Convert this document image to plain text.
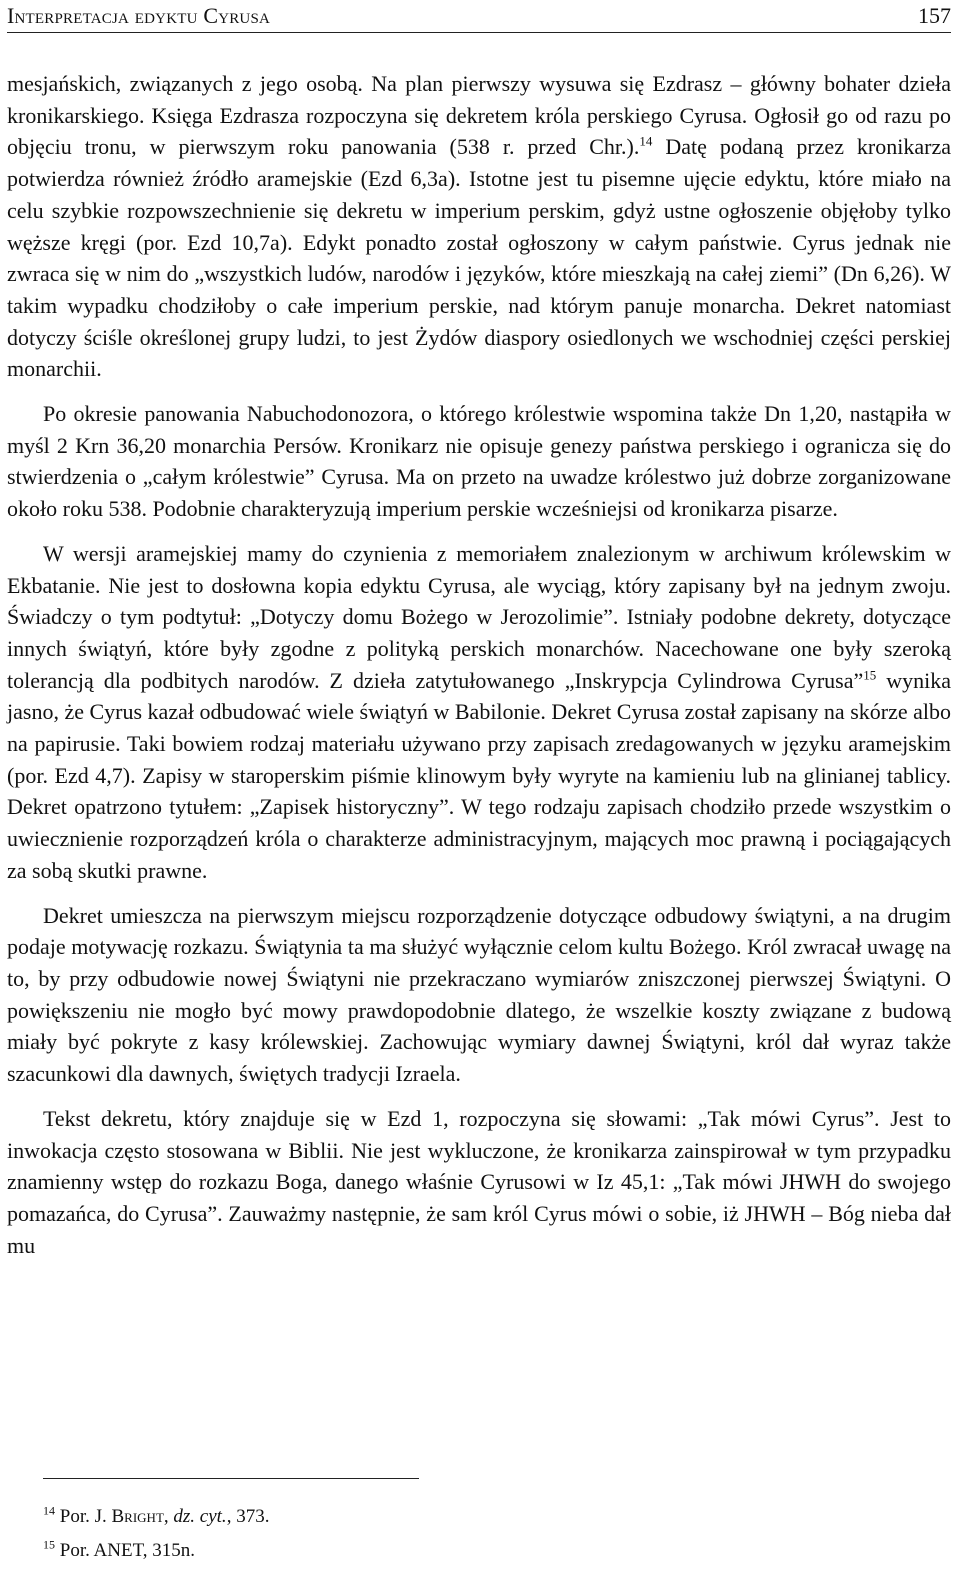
Interpretacja edyktu Cyrusa	157

mesjańskich, związanych z jego osobą. Na plan pierwszy wysuwa się Ezdrasz – główny bohater dzieła kronikarskiego. Księga Ezdrasza rozpoczyna się dekretem króla perskiego Cyrusa. Ogłosił go od razu po objęciu tronu, w pierwszym roku panowania (538 r. przed Chr.).$^{14}$ Datę podaną przez kronikarza potwierdza również źródło aramejskie (Ezd 6,3a). Istotne jest tu pisemne ujęcie edyktu, które miało na celu szybkie rozpowszechnienie się dekretu w imperium perskim, gdyż ustne ogłoszenie objęłoby tylko węższe kręgi (por. Ezd 10,7a). Edykt ponadto został ogłoszony w całym państwie. Cyrus jednak nie zwraca się w nim do „wszystkich ludów, narodów i języków, które mieszkają na całej ziemi” (Dn 6,26). W takim wypadku chodziłoby o całe imperium perskie, nad którym panuje monarcha. Dekret natomiast dotyczy ściśle określonej grupy ludzi, to jest Żydów diaspory osiedlonych we wschodniej części perskiej monarchii.

Po okresie panowania Nabuchodonozora, o którego królestwie wspomina także Dn 1,20, nastąpiła w myśl 2 Krn 36,20 monarchia Persów. Kronikarz nie opisuje genezy państwa perskiego i ogranicza się do stwierdzenia o „całym królestwie” Cyrusa. Ma on przeto na uwadze królestwo już dobrze zorganizowane około roku 538. Podobnie charakteryzują imperium perskie wcześniejsi od kronikarza pisarze.

W wersji aramejskiej mamy do czynienia z memoriałem znalezionym w archiwum królewskim w Ekbatanie. Nie jest to dosłowna kopia edyktu Cyrusa, ale wyciąg, który zapisany był na jednym zwoju. Świadczy o tym podtytuł: „Dotyczy domu Bożego w Jerozolimie”. Istniały podobne dekrety, dotyczące innych świątyń, które były zgodne z polityką perskich monarchów. Nacechowane one były szeroką tolerancją dla podbitych narodów. Z dzieła zatytułowanego „Inskrypcja Cylindrowa Cyrusa”$^{15}$ wynika jasno, że Cyrus kazał odbudować wiele świątyń w Babilonie. Dekret Cyrusa został zapisany na skórze albo na papirusie. Taki bowiem rodzaj materiału używano przy zapisach zredagowanych w języku aramejskim (por. Ezd 4,7). Zapisy w staroperskim piśmie klinowym były wyryte na kamieniu lub na glinianej tablicy. Dekret opatrzono tytułem: „Zapisek historyczny”. W tego rodzaju zapisach chodziło przede wszystkim o uwiecznienie rozporządzeń króla o charakterze administracyjnym, mających moc prawną i pociągających za sobą skutki prawne.

Dekret umieszcza na pierwszym miejscu rozporządzenie dotyczące odbudowy świątyni, a na drugim podaje motywację rozkazu. Świątynia ta ma służyć wyłącznie celom kultu Bożego. Król zwracał uwagę na to, by przy odbudowie nowej Świątyni nie przekraczano wymiarów zniszczonej pierwszej Świątyni. O powiększeniu nie mogło być mowy prawdopodobnie dlatego, że wszelkie koszty związane z budową miały być pokryte z kasy królewskiej. Zachowując wymiary dawnej Świątyni, król dał wyraz także szacunkowi dla dawnych, świętych tradycji Izraela.

Tekst dekretu, który znajduje się w Ezd 1, rozpoczyna się słowami: „Tak mówi Cyrus”. Jest to inwokacja często stosowana w Biblii. Nie jest wykluczone, że kronikarza zainspirował w tym przypadku znamienny wstęp do rozkazu Boga, danego właśnie Cyrusowi w Iz 45,1: „Tak mówi JHWH do swojego pomazańca, do Cyrusa”. Zauważmy następnie, że sam król Cyrus mówi o sobie, iż JHWH – Bóg nieba dał mu

$^{14}$ Por. J. Bright, dz. cyt., 373.
$^{15}$ Por. ANET, 315n.
